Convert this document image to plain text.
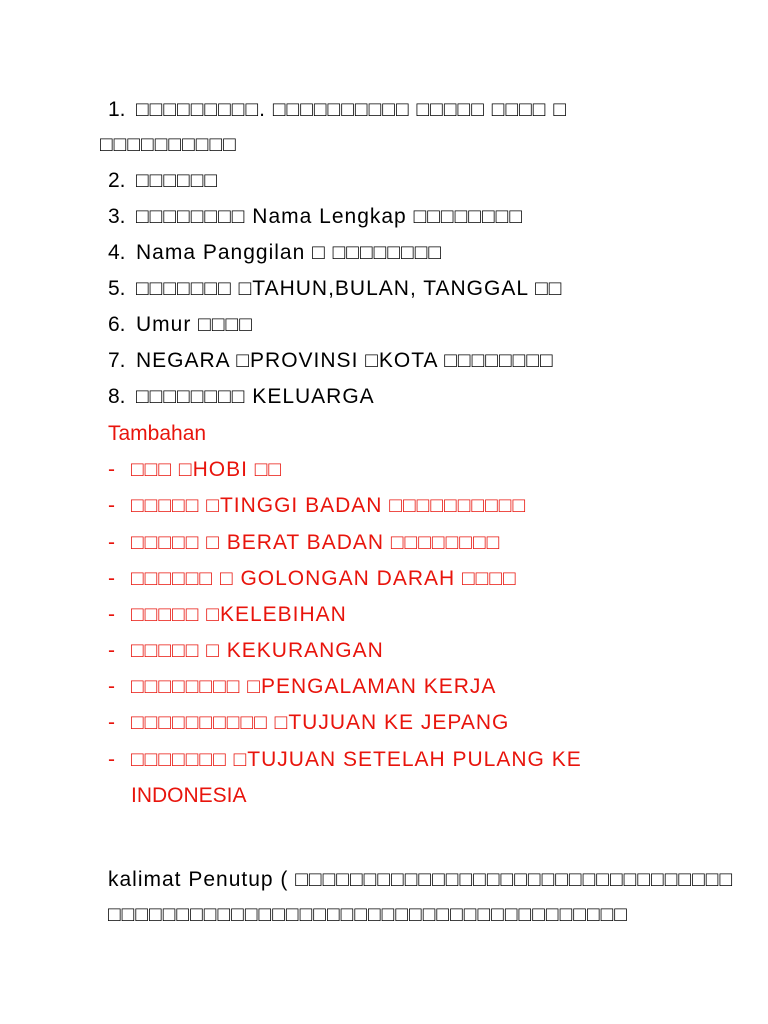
1. □□□□□□□□□. □□□□□□□□□□ □□□□□ □□□□ □
□□□□□□□□□□
2. □□□□□□
3. □□□□□□□□ Nama Lengkap □□□□□□□□
4. Nama Panggilan □ □□□□□□□□
5. □□□□□□□ □TAHUN,BULAN, TANGGAL □□
6. Umur □□□□
7. NEGARA □PROVINSI □KOTA □□□□□□□□
8. □□□□□□□□ KELUARGA
Tambahan
- □□□ □HOBI □□
- □□□□□ □TINGGI BADAN □□□□□□□□□□
- □□□□□ □ BERAT BADAN □□□□□□□□
- □□□□□□ □ GOLONGAN DARAH □□□□
- □□□□□ □KELEBIHAN
- □□□□□ □ KEKURANGAN
- □□□□□□□□ □PENGALAMAN KERJA
- □□□□□□□□□□ □TUJUAN KE JEPANG
- □□□□□□□ □TUJUAN SETELAH PULANG KE
INDONESIA
kalimat Penutup ( □□□□□□□□□□□□□□□□□□□□□□□□□□□□□□□□
□□□□□□□□□□□□□□□□□□□□□□□□□□□□□□□□□□□□□□
